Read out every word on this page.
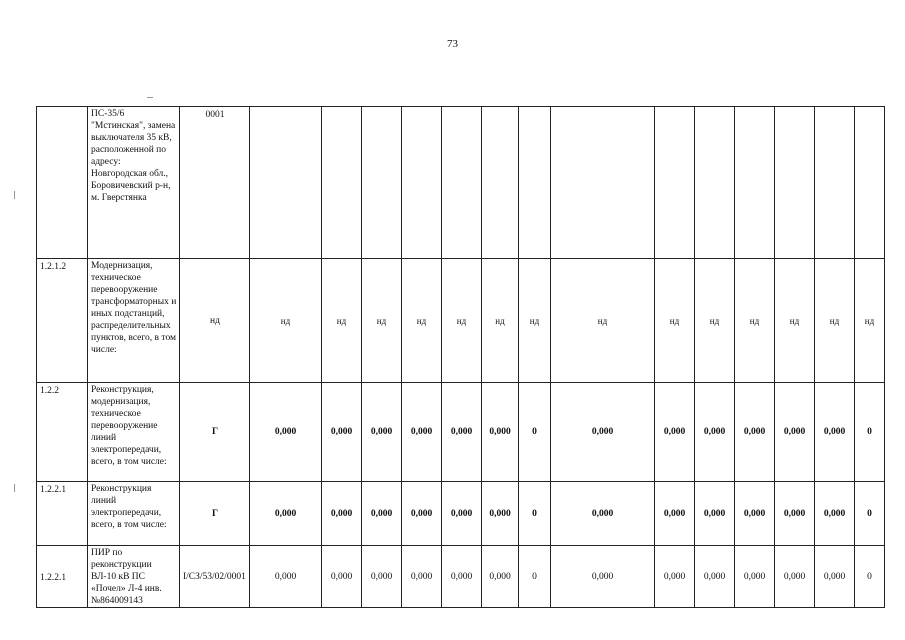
73
	ПС-35/6 "Мстинская", замена выключателя 35 кВ, расположенной по адресу: Новгородская обл., Боровичевский р-н, м. Гверстянка	0001															
1.2.1.2	Модернизация, техническое перевооружение трансформаторных и иных подстанций, распределительных пунктов, всего, в том числе:	нд	нд	нд	нд	нд	нд	нд	нд	нд	нд	нд	нд	нд	нд	нд	
1.2.2	Реконструкция, модернизация, техническое перевооружение линий электропередачи, всего, в том числе:	Г	0,000	0,000	0,000	0,000	0,000	0,000	0	0,000	0,000	0,000	0,000	0,000	0,000	0	
1.2.2.1	Реконструкция линий электропередачи, всего, в том числе:	Г	0,000	0,000	0,000	0,000	0,000	0,000	0	0,000	0,000	0,000	0,000	0,000	0,000	0	
1.2.2.1	ПИР по реконструкции ВЛ-10 кВ ПС «Почел» Л-4 инв. №864009143	I/СЗ/53/02/0001	0,000	0,000	0,000	0,000	0,000	0,000	0	0,000	0,000	0,000	0,000	0,000	0,000	0	
